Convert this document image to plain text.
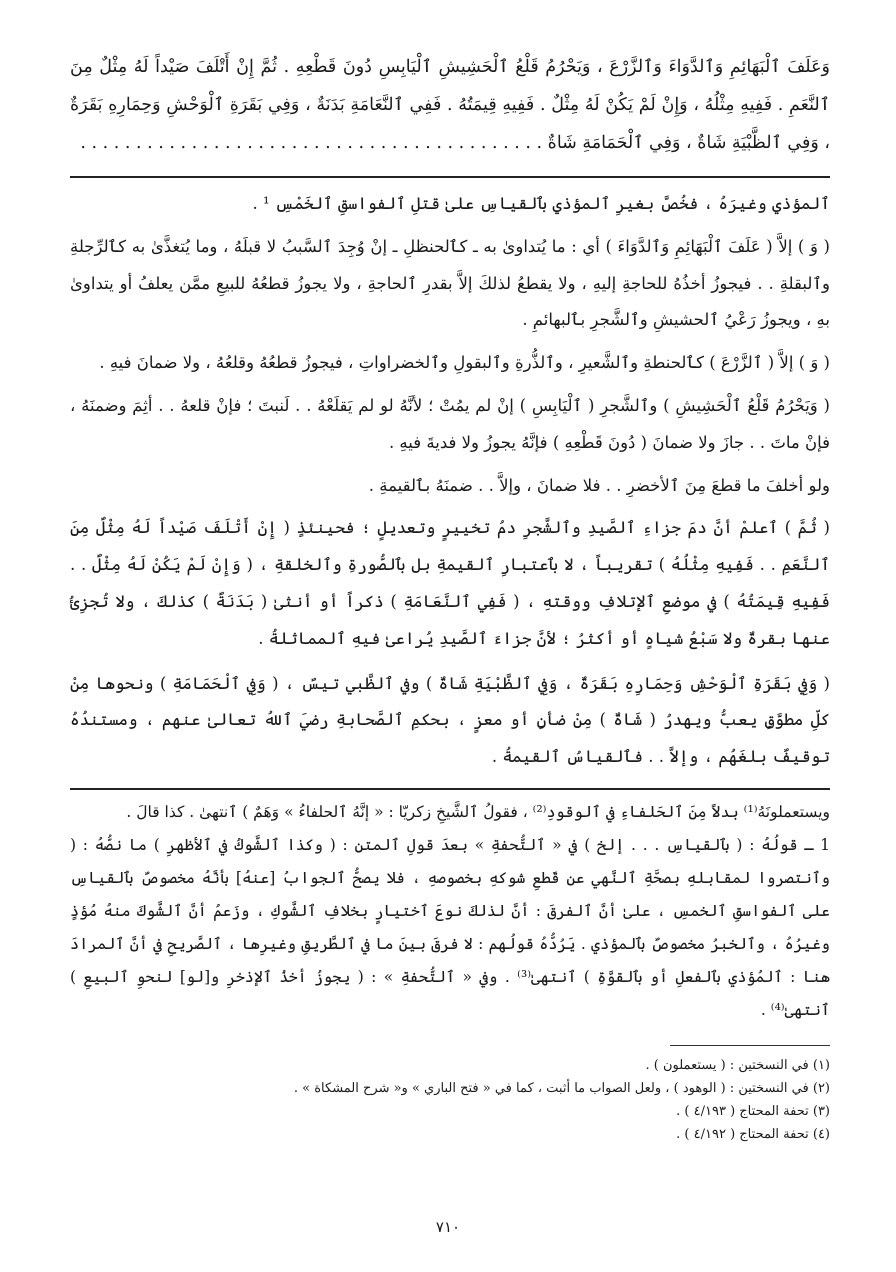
وَعَلَفَ ٱلْبَهَائِمِ وَٱلدَّوَاءَ وَٱلزَّرْعَ ، وَيَحْرُمُ قَلْعُ ٱلْحَشِيشِ ٱلْيَابِسِ دُونَ قَطْعِهِ . ثُمَّ إِنْ أَتْلَفَ صَيْداً لَهُ مِثْلٌ مِنَ ٱلنَّعَمِ . فَفِيهِ مِثْلُهُ ، وَإِنْ لَمْ يَكُنْ لَهُ مِثْلٌ . فَفِيهِ قِيمَتُهُ . فَفِي ٱلنَّعَامَةِ بَدَنَةٌ ، وَفِي بَقَرَةِ ٱلْوَحْشِ وَحِمَارِهِ بَقَرَةٌ ، وَفِي ٱلظَّبْيَةِ شَاةٌ ، وَفِي ٱلْحَمَامَةِ شَاةٌ . . . . . . . . . . . . . . . . . . . . . . . . . . . . . . . . . . . . . . . . . .

ٱلمؤذي وغيرَهُ ، فخُصَّ بغيرِ ٱلمؤذي بٱلقياسِ علىٰ قتلِ ٱلفواسقِ ٱلخَمْسِ ¹ .

( وَ ) إلاَّ ( عَلَفَ ٱلْبَهَائِمِ وَٱلدَّوَاءَ ) أي : ما يُتداوىٰ به ـ كٱلحنظلِ ـ إنْ وُجِدَ ٱلسَّببُ لا قبلَهُ ، وما يُتغذَّىٰ به كٱلرِّجلةِ وٱلبقلةِ . . فيجوزُ أخذُهُ للحاجةِ إليهِ ، ولا يقطعُ لذلكَ إلاَّ بقدرِ ٱلحاجةِ ، ولا يجوزُ قطعُهُ للبيعِ ممَّن يعلفُ أو يتداوىٰ بهِ ، ويجوزُ رَعْيُ ٱلحشيشِ وٱلشَّجرِ بٱلبهائمِ .

( وَ ) إلاَّ ( ٱلزَّرْعَ ) كٱلحنطةِ وٱلشَّعيرِ ، وٱلذُّرةِ وٱلبقولِ وٱلخضراواتِ ، فيجوزُ قطعُهُ وقلعُهُ ، ولا ضمانَ فيهِ .

( وَيَحْرُمُ قَلْعُ ٱلْحَشِيشِ ) وٱلشَّجرِ ( ٱلْيَابِسِ ) إنْ لم يمُتْ ؛ لأنَّهُ لو لم يَقلَعْهُ . . لَنبتَ ؛ فإنْ قلعهُ . . أثِمَ وضمنَهُ ، فإنْ ماتَ . . جازَ ولا ضمانَ ( دُونَ قَطْعِهِ ) فإنَّهُ يجوزُ ولا فديةَ فيهِ .

ولو أخلفَ ما قطعَ مِنَ ٱلأخضرِ . . فلا ضمانَ ، وإلاَّ . . ضمنَهُ بٱلقيمةِ .

( ثُمَّ ) ٱعلمْ أنَّ دمَ جزاءِ ٱلصَّيدِ وٱلشَّجرِ دمُ تخييرٍ وتعديلٍ ؛ فحينئذٍ ( إِنْ أَتْلَفَ صَيْداً لَهُ مِثْلٌ مِنَ ٱلنَّعَمِ . . فَفِيهِ مِثْلُهُ ) تقريباً ، لا بٱعتبارِ ٱلقيمةِ بل بٱلصُّورةِ وٱلخلقةِ ، ( وَإِنْ لَمْ يَكُنْ لَهُ مِثْلٌ . . فَفِيهِ قِيمَتُهُ ) في موضعِ ٱلإتلافِ ووقتهِ ، ( فَفِي ٱلنَّعَامَةِ ) ذكراً أو أنثىٰ ( بَدَنَةٌ ) كذلكَ ، ولا تُجزِئُ عنها بقرةٌ ولا سَبْعُ شياهٍ أو أكثرُ ؛ لأنَّ جزاءَ ٱلصَّيدِ يُراعىٰ فيهِ ٱلمماثلةُ .

( وَفِي بَقَرَةِ ٱلْوَحْشِ وَحِمَارِهِ بَقَرَةٌ ، وَفِي ٱلظَّبْيَةِ شَاةٌ ) وفي ٱلظَّبي تيسٌ ، ( وَفِي ٱلْحَمَامَةِ ) ونحوها مِنْ كلِّ مطوَّقٍ يعبُّ ويهدرُ ( شَاةٌ ) مِنْ ضأنٍ أو معزٍ ، بحكمِ ٱلصَّحابةِ رضيَ ٱللهُ تعالىٰ عنهم ، ومستندُهُ توقيفٌ بلغَهُم ، وإلاَّ . . فٱلقياسُ ٱلقيمةُ .

ويستعملونَهُ⁽¹⁾ بدلاً مِنَ ٱلحَلفاءِ في ٱلوقودِ⁽²⁾ ، فقولُ ٱلشَّيخِ زكريّا : « إنَّهُ ٱلحلفاءُ » وَهَمٌ ) ٱنتهىٰ . كذا قالَ .

1 ـ قولُهُ : ( بٱلقياسِ . . . إلخ ) في « ٱلتُّحفةِ » بعدَ قولِ ٱلمتنِ : ( وكذا ٱلشَّوكُ في ٱلأظهرِ ) ما نصُّهُ : ( وٱنتصروا لمقابلهِ بصحَّةِ ٱلنَّهي عن قَطعِ شوكهِ بخصوصهِ ، فلا يصحُّ ٱلجوابُ [عنهُ] بأنَّهُ مخصوصٌ بٱلقياسِ على ٱلفواسقِ ٱلخمسِ ، علىٰ أنَّ ٱلفرقَ : أنَّ لذلكَ نوعَ ٱختيارٍ بخلافِ ٱلشَّوكِ ، وزَعمُ أنَّ ٱلشَّوكَ منهُ مُؤذٍ وغيرُهُ ، وٱلخبرُ مخصوصٌ بٱلمؤذي . يَرُدُّهُ قولُهم : لا فرقَ بينَ ما في ٱلطَّريقِ وغيرِها ، ٱلصَّريحِ في أنَّ ٱلمرادَ هنا : ٱلمُؤذي بٱلفعلِ أو بٱلقوَّةِ ) ٱنتهىٰ⁽³⁾ . وفي « ٱلتُّحفةِ » : ( يجوزُ أخذُ ٱلإذخرِ و[لو] لنحوِ ٱلبيعِ ) ٱنتهىٰ⁽⁴⁾ .

(١) في النسختين : ( يستعملون ) .

(٢) في النسختين : ( الوهود ) ، ولعل الصواب ما أثبت ، كما في « فتح الباري » و« شرح المشكاة » .

(٣) تحفة المحتاج ( ٤/١٩٣ ) .

(٤) تحفة المحتاج ( ٤/١٩٢ ) .

٧١٠
